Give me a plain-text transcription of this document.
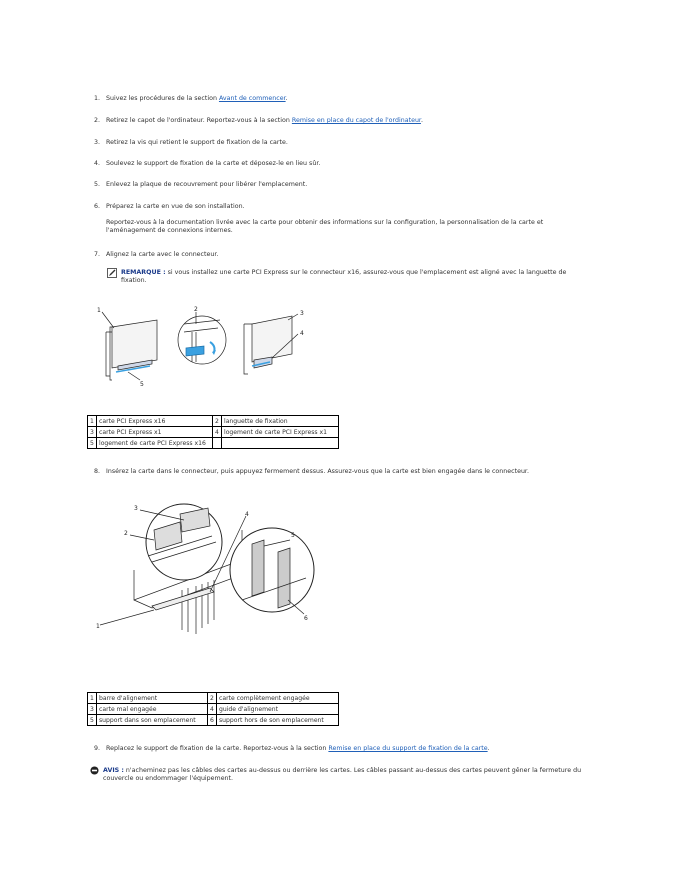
1. Suivez les procédures de la section Avant de commencer.
2. Retirez le capot de l'ordinateur. Reportez-vous à la section Remise en place du capot de l'ordinateur.
3. Retirez la vis qui retient le support de fixation de la carte.
4. Soulevez le support de fixation de la carte et déposez-le en lieu sûr.
5. Enlevez la plaque de recouvrement pour libérer l'emplacement.
6. Préparez la carte en vue de son installation.
Reportez-vous à la documentation livrée avec la carte pour obtenir des informations sur la configuration, la personnalisation de la carte et l'aménagement de connexions internes.
7. Alignez la carte avec le connecteur.
REMARQUE : si vous installez une carte PCI Express sur le connecteur x16, assurez-vous que l'emplacement est aligné avec la languette de fixation.
1	2
3
4
5
1	carte PCI Express x16	2	languette de fixation
3	carte PCI Express x1	4	logement de carte PCI Express x1
5	logement de carte PCI Express x16		
8. Insérez la carte dans le connecteur, puis appuyez fermement dessus. Assurez-vous que la carte est bien engagée dans le connecteur.
1
2
3
4
5
6
1	barre d'alignement	2	carte complètement engagée
3	carte mal engagée	4	guide d'alignement
5	support dans son emplacement	6	support hors de son emplacement
9. Replacez le support de fixation de la carte. Reportez-vous à la section Remise en place du support de fixation de la carte.
AVIS : n'acheminez pas les câbles des cartes au-dessus ou derrière les cartes. Les câbles passant au-dessus des cartes peuvent gêner la fermeture du couvercle ou endommager l'équipement.
